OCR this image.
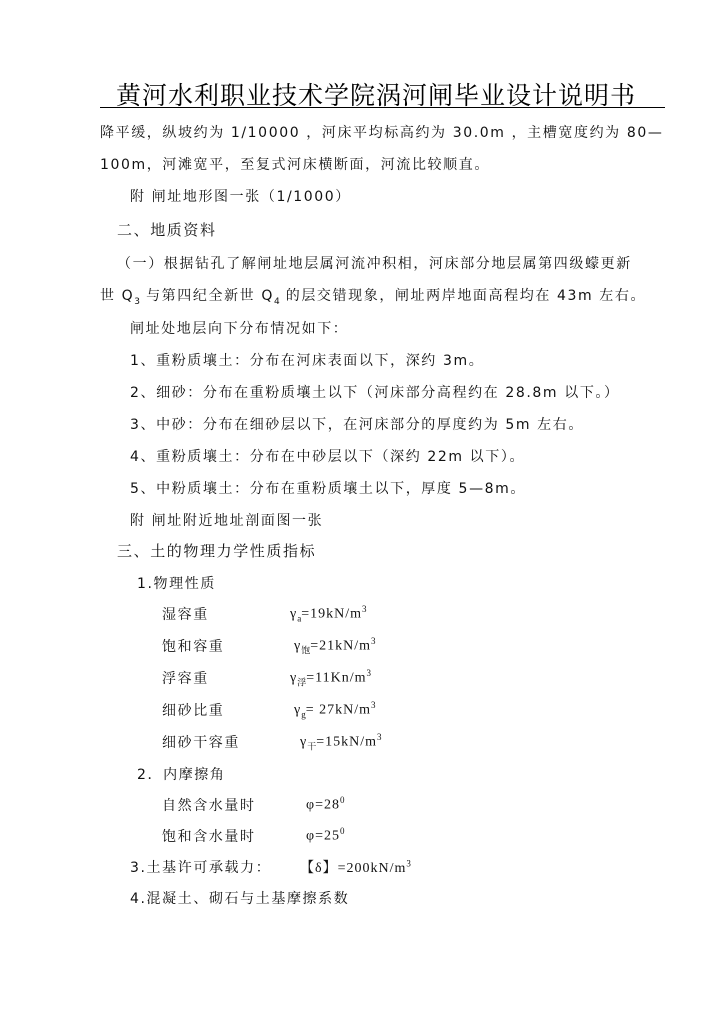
黄河水利职业技术学院涡河闸毕业设计说明书
降平缓，纵坡约为 1/10000 ，河床平均标高约为 30.0m ，主槽宽度约为 80—
100m，河滩宽平，至复式河床横断面，河流比较顺直。
附 闸址地形图一张（1/1000）
二、地质资料
（一）根据钻孔了解闸址地层属河流冲积相，河床部分地层属第四级蠓更新
世 $Q_3$ 与第四纪全新世 $Q_4$ 的层交错现象，闸址两岸地面高程均在 43m 左右。
闸址处地层向下分布情况如下：
1、重粉质壤土：分布在河床表面以下，深约 3m。
2、细砂：分布在重粉质壤土以下（河床部分高程约在 28.8m 以下。）
3、中砂：分布在细砂层以下，在河床部分的厚度约为 5m 左右。
4、重粉质壤土：分布在中砂层以下（深约 22m 以下）。
5、中粉质壤土：分布在重粉质壤土以下，厚度 5—8m。
附 闸址附近地址剖面图一张
三、土的物理力学性质指标
1.物理性质
湿容重	$\gamma_a=19kN/m^3$
饱和容重	$\gamma_饱=21kN/m^3$
浮容重	$\gamma_浮=11Kn/m^3$
细砂比重	$\gamma_g= 27kN/m^3$
细砂干容重	$\gamma_干=15kN/m^3$
2．内摩擦角
自然含水量时	$\varphi=28^0$
饱和含水量时	$\varphi=25^0$
3.土基许可承载力： 【δ】$=200kN/m^3$
4.混凝土、砌石与土基摩擦系数
